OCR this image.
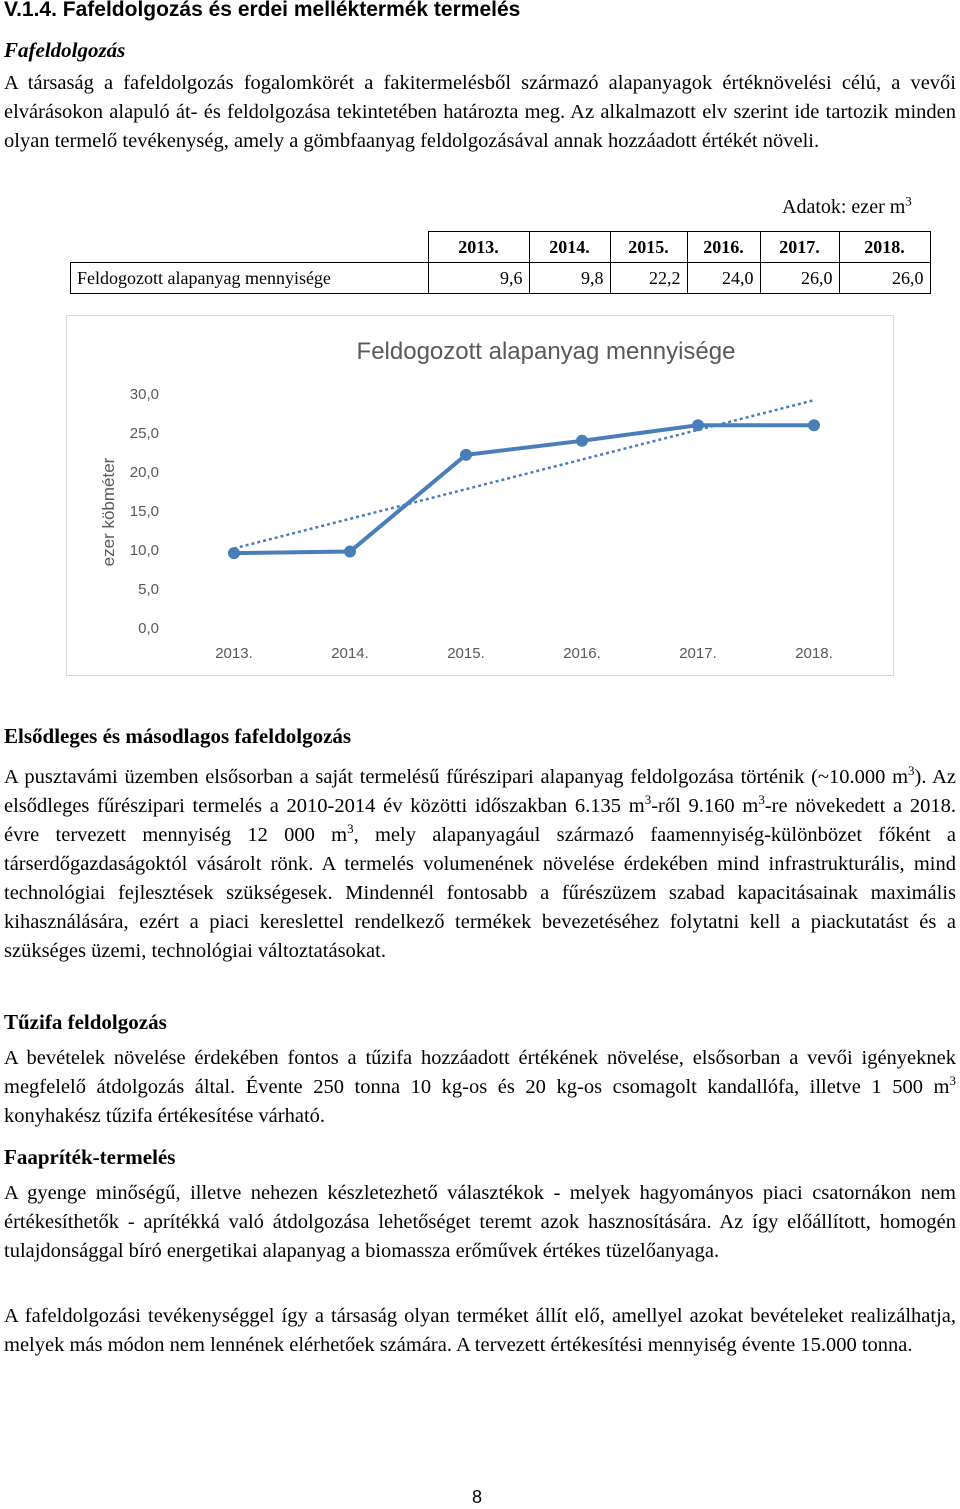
V.1.4. Fafeldolgozás és erdei melléktermék termelés
Fafeldolgozás

A társaság a fafeldolgozás fogalomkörét a fakitermelésből származó alapanyagok értéknövelési célú, a vevői elvárásokon alapuló át- és feldolgozása tekintetében határozta meg. Az alkalmazott elv szerint ide tartozik minden olyan termelő tevékenység, amely a gömbfaanyag feldolgozásával annak hozzáadott értékét növeli.

Adatok: ezer $m^3$
	2013.	2014.	2015.	2016.	2017.	2018.
Feldogozott alapanyag mennyisége	9,6	9,8	22,2	24,0	26,0	26,0
Feldogozott alapanyag mennyisége
ezer köbméter
0,0
5,0
10,0
15,0
20,0
25,0
30,0
2013.	2014.	2015.	2016.	2017.	2018.
Elsődleges és másodlagos fafeldolgozás

A pusztavámi üzemben elsősorban a saját termelésű fűrészipari alapanyag feldolgozása történik (~10.000 $m^3$). Az elsődleges fűrészipari termelés a 2010-2014 év közötti időszakban 6.135 $m^3$-ről 9.160 $m^3-re$ növekedett a 2018. évre tervezett mennyiség 12 000 $m^3$, mely alapanyagául származó faamennyiség-különbözet főként a társerdőgazdaságoktól vásárolt rönk. A termelés volumenének növelése érdekében mind infrastrukturális, mind technológiai fejlesztések szükségesek. Mindennél fontosabb a fűrészüzem szabad kapacitásainak maximális kihasználására, ezért a piaci kereslettel rendelkező termékek bevezetéséhez folytatni kell a piackutatást és a szükséges üzemi, technológiai változtatásokat.

Tűzifa feldolgozás

A bevételek növelése érdekében fontos a tűzifa hozzáadott értékének növelése, elsősorban a vevői igényeknek megfelelő átdolgozás által. Évente 250 tonna 10 kg-os és 20 kg-os csomagolt kandallófa, illetve 1 500 $m^3$ konyhakész tűzifa értékesítése várható.

Faapríték-termelés

A gyenge minőségű, illetve nehezen készletezhető választékok - melyek hagyományos piaci csatornákon nem értékesíthetők - aprítékká való átdolgozása lehetőséget teremt azok hasznosítására. Az így előállított, homogén tulajdonsággal bíró energetikai alapanyag a biomassza erőművek értékes tüzelőanyaga.

A fafeldolgozási tevékenységgel így a társaság olyan terméket állít elő, amellyel azokat bevételeket realizálhatja, melyek más módon nem lennének elérhetőek számára. A tervezett értékesítési mennyiség évente 15.000 tonna.

8
